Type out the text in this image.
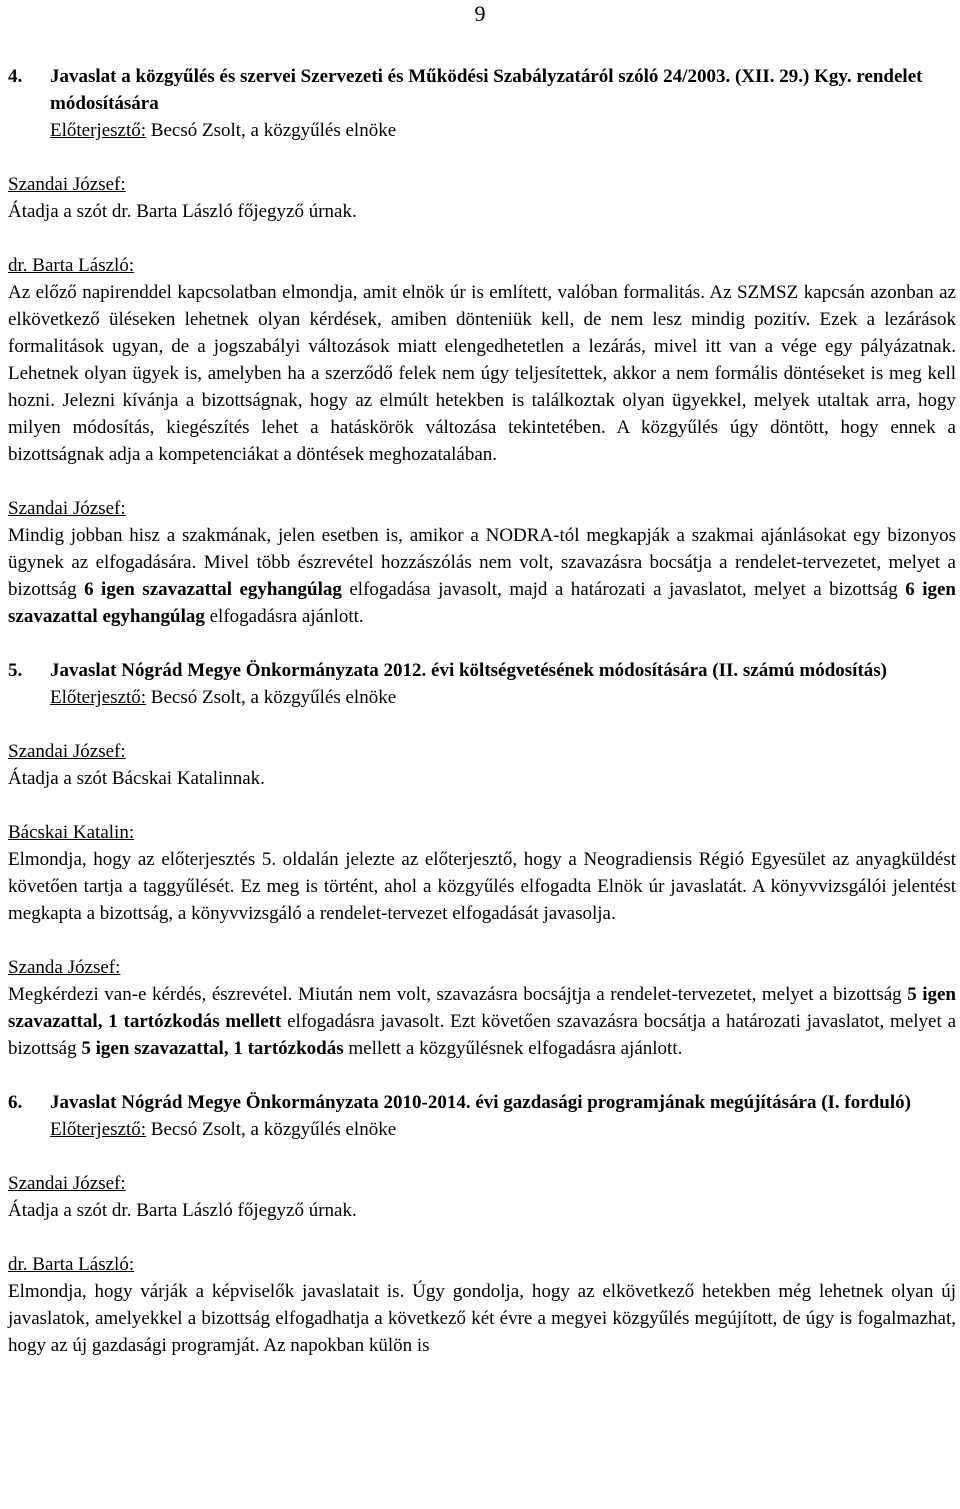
9
4.	Javaslat a közgyűlés és szervei Szervezeti és Működési Szabályzatáról szóló 24/2003. (XII. 29.) Kgy. rendelet módosítására
Előterjesztő: Becsó Zsolt, a közgyűlés elnöke
Szandai József:

Átadja a szót dr. Barta László főjegyző úrnak.

dr. Barta László:

Az előző napirenddel kapcsolatban elmondja, amit elnök úr is említett, valóban formalitás. Az SZMSZ kapcsán azonban az elkövetkező üléseken lehetnek olyan kérdések, amiben dönteniük kell, de nem lesz mindig pozitív. Ezek a lezárások formalitások ugyan, de a jogszabályi változások miatt elengedhetetlen a lezárás, mivel itt van a vége egy pályázatnak. Lehetnek olyan ügyek is, amelyben ha a szerződő felek nem úgy teljesítettek, akkor a nem formális döntéseket is meg kell hozni. Jelezni kívánja a bizottságnak, hogy az elmúlt hetekben is találkoztak olyan ügyekkel, melyek utaltak arra, hogy milyen módosítás, kiegészítés lehet a hatáskörök változása tekintetében. A közgyűlés úgy döntött, hogy ennek a bizottságnak adja a kompetenciákat a döntések meghozatalában.

Szandai József:

Mindig jobban hisz a szakmának, jelen esetben is, amikor a NODRA-tól megkapják a szakmai ajánlásokat egy bizonyos ügynek az elfogadására. Mivel több észrevétel hozzászólás nem volt, szavazásra bocsátja a rendelet-tervezetet, melyet a bizottság 6 igen szavazattal egyhangúlag elfogadása javasolt, majd a határozati a javaslatot, melyet a bizottság 6 igen szavazattal egyhangúlag elfogadásra ajánlott.

5.	Javaslat Nógrád Megye Önkormányzata 2012. évi költségvetésének módosítására (II. számú módosítás)
Előterjesztő: Becsó Zsolt, a közgyűlés elnöke
Szandai József:

Átadja a szót Bácskai Katalinnak.

Bácskai Katalin:

Elmondja, hogy az előterjesztés 5. oldalán jelezte az előterjesztő, hogy a Neogradiensis Régió Egyesület az anyagküldést követően tartja a taggyűlését. Ez meg is történt, ahol a közgyűlés elfogadta Elnök úr javaslatát. A könyvvizsgálói jelentést megkapta a bizottság, a könyvvizsgáló a rendelet-tervezet elfogadását javasolja.

Szanda József:

Megkérdezi van-e kérdés, észrevétel. Miután nem volt, szavazásra bocsájtja a rendelet-tervezetet, melyet a bizottság 5 igen szavazattal, 1 tartózkodás mellett elfogadásra javasolt. Ezt követően szavazásra bocsátja a határozati javaslatot, melyet a bizottság 5 igen szavazattal, 1 tartózkodás mellett a közgyűlésnek elfogadásra ajánlott.

6.	Javaslat Nógrád Megye Önkormányzata 2010-2014. évi gazdasági programjának megújítására (I. forduló)
Előterjesztő: Becsó Zsolt, a közgyűlés elnöke
Szandai József:

Átadja a szót dr. Barta László főjegyző úrnak.

dr. Barta László:

Elmondja, hogy várják a képviselők javaslatait is. Úgy gondolja, hogy az elkövetkező hetekben még lehetnek olyan új javaslatok, amelyekkel a bizottság elfogadhatja a következő két évre a megyei közgyűlés megújított, de úgy is fogalmazhat, hogy az új gazdasági programját. Az napokban külön is
